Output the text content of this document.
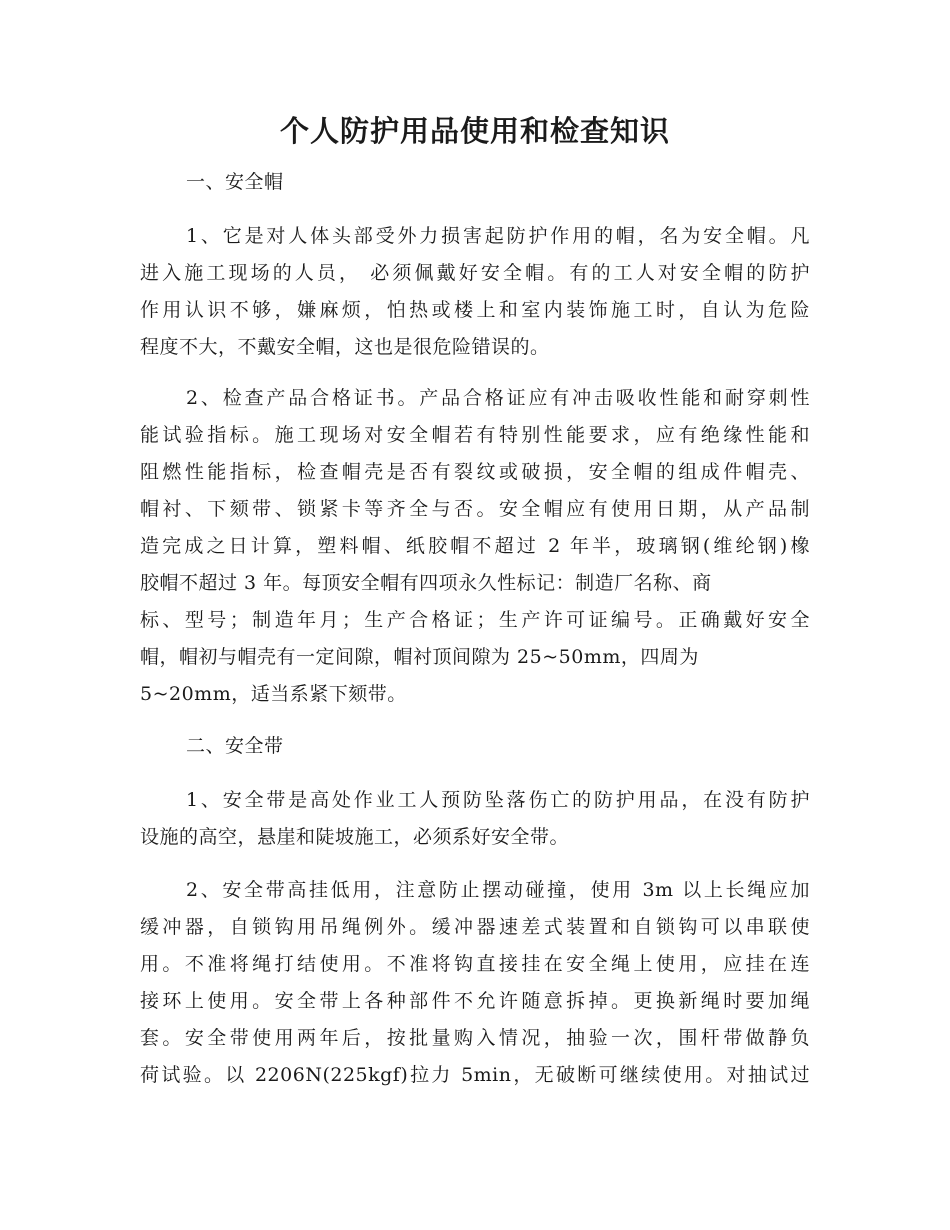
个人防护用品使用和检查知识
一、安全帽
1、它是对人体头部受外力损害起防护作用的帽，名为安全帽。凡
进入施工现场的人员， 必须佩戴好安全帽。有的工人对安全帽的防护
作用认识不够，嫌麻烦，怕热或楼上和室内装饰施工时，自认为危险
程度不大，不戴安全帽，这也是很危险错误的。
2、检查产品合格证书。产品合格证应有冲击吸收性能和耐穿刺性
能试验指标。施工现场对安全帽若有特别性能要求，应有绝缘性能和
阻燃性能指标，检查帽壳是否有裂纹或破损，安全帽的组成件帽壳、
帽衬、下颏带、锁紧卡等齐全与否。安全帽应有使用日期，从产品制
造完成之日计算，塑料帽、纸胶帽不超过 2 年半，玻璃钢(维纶钢)橡
胶帽不超过 3 年。每顶安全帽有四项永久性标记：制造厂名称、商
标、型号；制造年月；生产合格证；生产许可证编号。正确戴好安全
帽，帽初与帽壳有一定间隙，帽衬顶间隙为 25~50mm，四周为
5~20mm，适当系紧下颏带。
二、安全带
1、安全带是高处作业工人预防坠落伤亡的防护用品，在没有防护
设施的高空，悬崖和陡坡施工，必须系好安全带。
2、安全带高挂低用，注意防止摆动碰撞，使用 3m 以上长绳应加
缓冲器，自锁钩用吊绳例外。缓冲器速差式装置和自锁钩可以串联使
用。不准将绳打结使用。不准将钩直接挂在安全绳上使用，应挂在连
接环上使用。安全带上各种部件不允许随意拆掉。更换新绳时要加绳
套。安全带使用两年后，按批量购入情况，抽验一次，围杆带做静负
荷试验。以 2206N(225kgf)拉力 5min，无破断可继续使用。对抽试过
